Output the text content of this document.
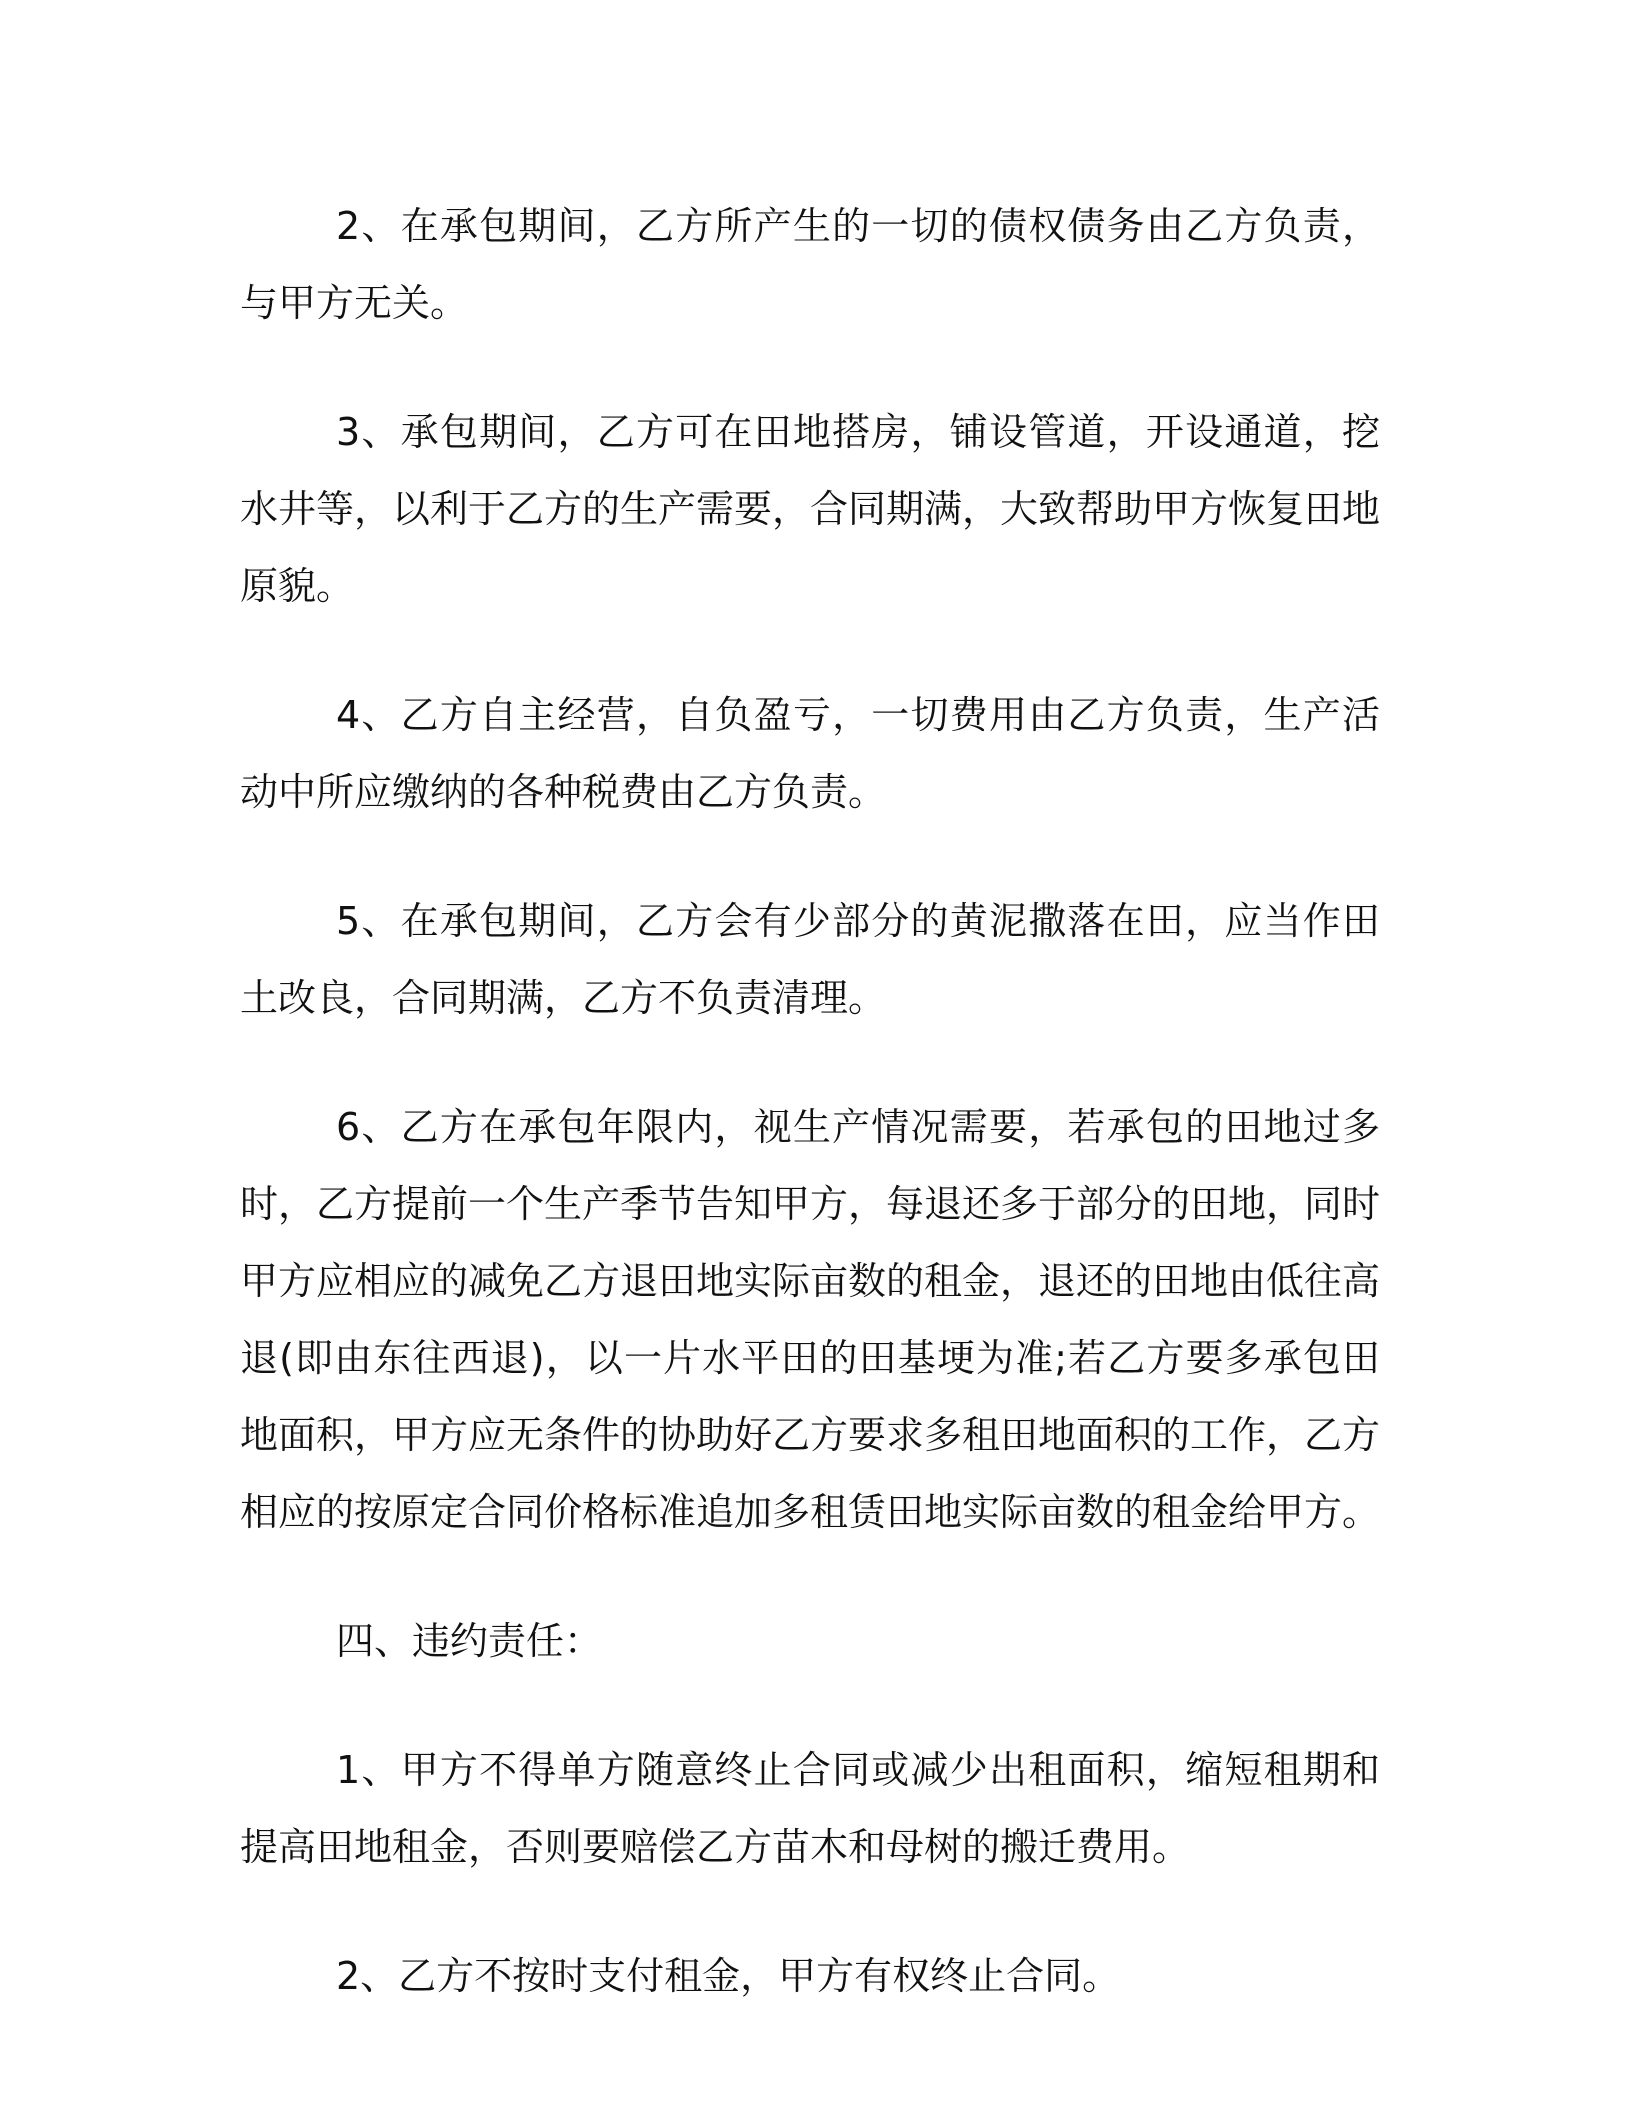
2、在承包期间，乙方所产生的一切的债权债务由乙方负责，与甲方无关。

3、承包期间，乙方可在田地搭房，铺设管道，开设通道，挖水井等，以利于乙方的生产需要，合同期满，大致帮助甲方恢复田地原貌。

4、乙方自主经营，自负盈亏，一切费用由乙方负责，生产活动中所应缴纳的各种税费由乙方负责。

5、在承包期间，乙方会有少部分的黄泥撒落在田，应当作田土改良，合同期满，乙方不负责清理。

6、乙方在承包年限内，视生产情况需要，若承包的田地过多时，乙方提前一个生产季节告知甲方，每退还多于部分的田地，同时甲方应相应的减免乙方退田地实际亩数的租金，退还的田地由低往高退(即由东往西退)，以一片水平田的田基埂为准;若乙方要多承包田地面积，甲方应无条件的协助好乙方要求多租田地面积的工作，乙方相应的按原定合同价格标准追加多租赁田地实际亩数的租金给甲方。

四、违约责任：

1、甲方不得单方随意终止合同或减少出租面积，缩短租期和提高田地租金，否则要赔偿乙方苗木和母树的搬迁费用。

2、乙方不按时支付租金，甲方有权终止合同。
